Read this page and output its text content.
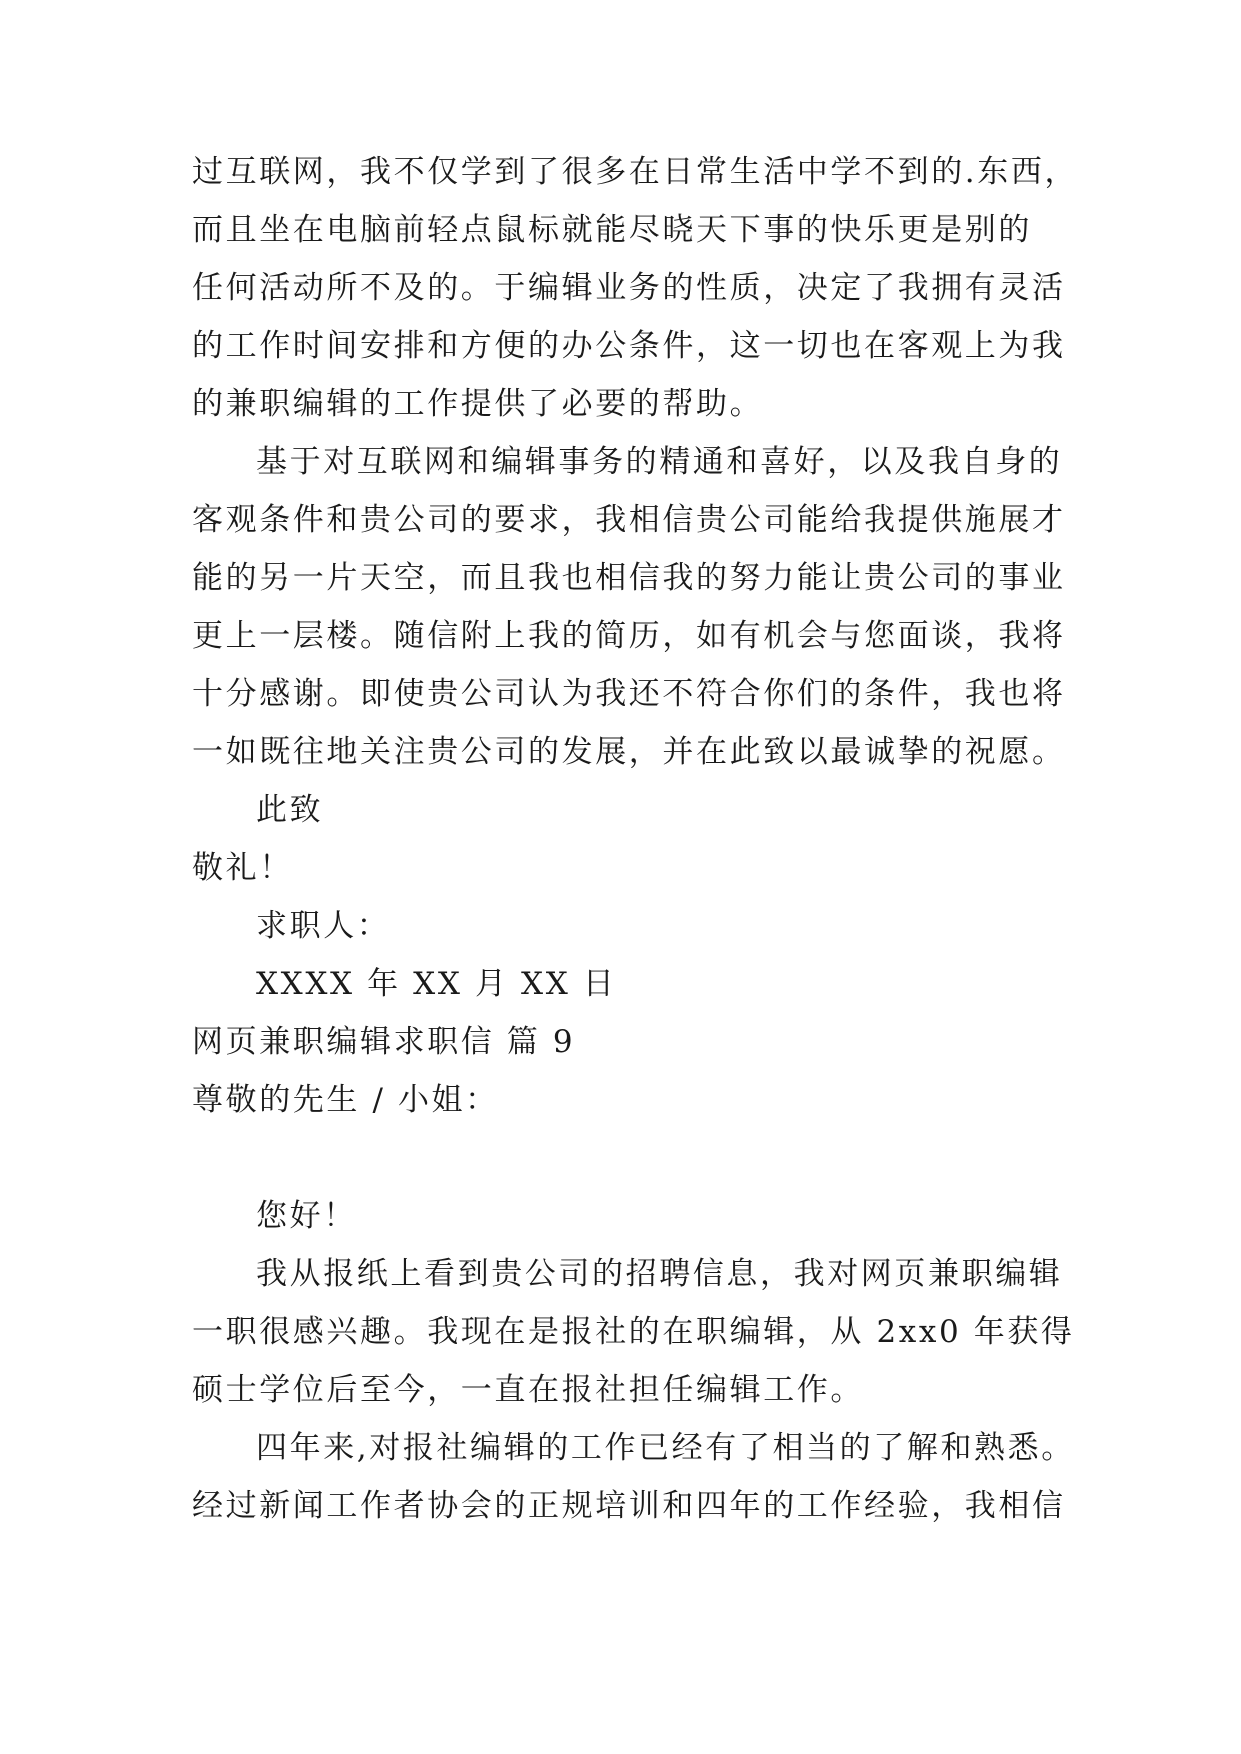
过互联网，我不仅学到了很多在日常生活中学不到的.东西，
而且坐在电脑前轻点鼠标就能尽晓天下事的快乐更是别的
任何活动所不及的。于编辑业务的性质，决定了我拥有灵活
的工作时间安排和方便的办公条件，这一切也在客观上为我
的兼职编辑的工作提供了必要的帮助。
基于对互联网和编辑事务的精通和喜好，以及我自身的
客观条件和贵公司的要求，我相信贵公司能给我提供施展才
能的另一片天空，而且我也相信我的努力能让贵公司的事业
更上一层楼。随信附上我的简历，如有机会与您面谈，我将
十分感谢。即使贵公司认为我还不符合你们的条件，我也将
一如既往地关注贵公司的发展，并在此致以最诚挚的祝愿。
此致
敬礼！
求职人：
XXXX 年 XX 月 XX 日
网页兼职编辑求职信 篇 9
尊敬的先生 / 小姐：
您好！
我从报纸上看到贵公司的招聘信息，我对网页兼职编辑
一职很感兴趣。我现在是报社的在职编辑，从 2xx0 年获得
硕士学位后至今，一直在报社担任编辑工作。
四年来,对报社编辑的工作已经有了相当的了解和熟悉。
经过新闻工作者协会的正规培训和四年的工作经验，我相信
